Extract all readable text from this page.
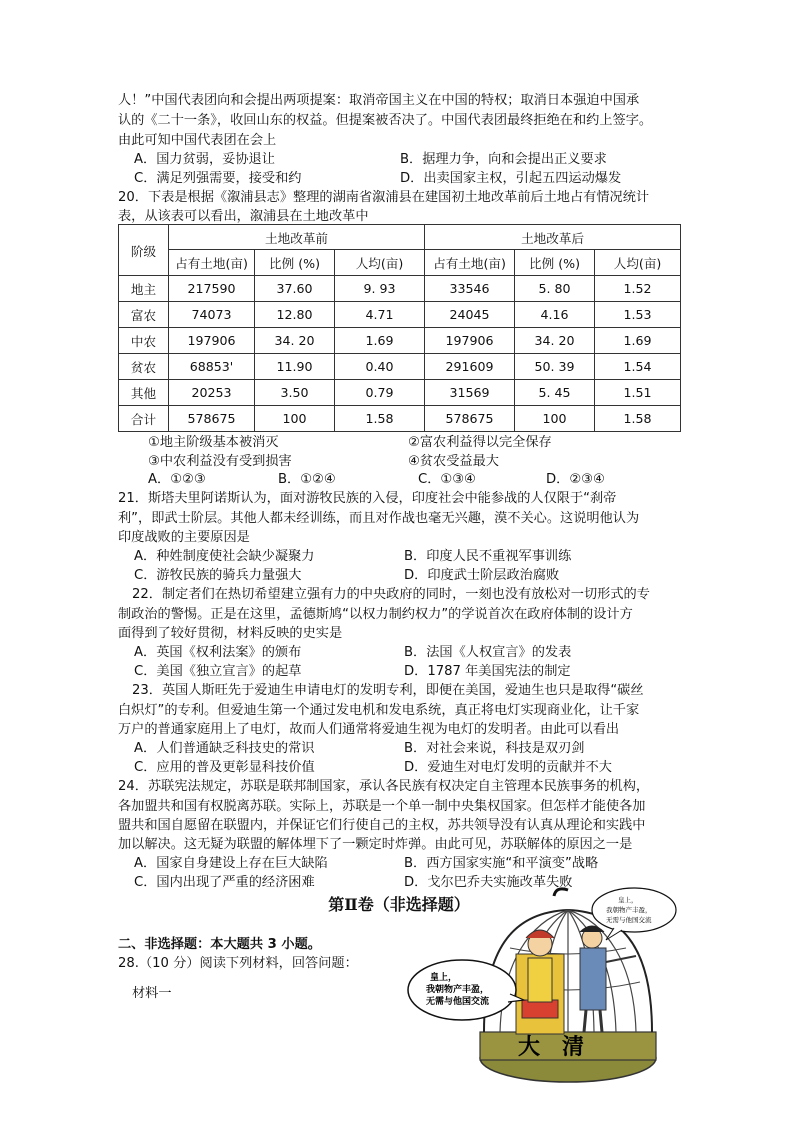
人！”中国代表团向和会提出两项提案：取消帝国主义在中国的特权；取消日本强迫中国承
认的《二十一条》，收回山东的权益。但提案被否决了。中国代表团最终拒绝在和约上签字。
由此可知中国代表团在会上
A．国力贫弱，妥协退让	B．据理力争，向和会提出正义要求
C．满足列强需要，接受和约	D．出卖国家主权，引起五四运动爆发
20．下表是根据《溆浦县志》整理的湖南省溆浦县在建国初土地改革前后土地占有情况统计
表，从该表可以看出，溆浦县在土地改革中
阶级	土地改革前			土地改革后		
	占有土地(亩)	比例 (%)	人均(亩)	占有土地(亩)	比例 (%)	人均(亩)
地主	217590	37.60	9. 93	33546	5. 80	1.52
富农	74073	12.80	4.71	24045	4.16	1.53
中农	197906	34. 20	1.69	197906	34. 20	1.69
贫农	68853'	11.90	0.40	291609	50. 39	1.54
其他	20253	3.50	0.79	31569	5. 45	1.51
合计	578675	100	1.58	578675	100	1.58
①地主阶级基本被消灭	②富农利益得以完全保存
③中农利益没有受到损害	④贫农受益最大
A．①②③	B．①②④	C．①③④	D．②③④
21．斯塔夫里阿诺斯认为，面对游牧民族的入侵，印度社会中能参战的人仅限于“刹帝
利”，即武士阶层。其他人都未经训练，而且对作战也毫无兴趣，漠不关心。这说明他认为
印度战败的主要原因是
A．种姓制度使社会缺少凝聚力	B．印度人民不重视军事训练
C．游牧民族的骑兵力量强大	D．印度武士阶层政治腐败
22．制定者们在热切希望建立强有力的中央政府的同时，一刻也没有放松对一切形式的专
制政治的警惕。正是在这里，孟德斯鸠“以权力制约权力”的学说首次在政府体制的设计方
面得到了较好贯彻，材料反映的史实是
A．英国《权利法案》的颁布	B．法国《人权宣言》的发表
C．美国《独立宣言》的起草	D．1787 年美国宪法的制定
23．英国人斯旺先于爱迪生申请电灯的发明专利，即便在美国，爱迪生也只是取得“碳丝
白炽灯”的专利。但爱迪生第一个通过发电机和发电系统，真正将电灯实现商业化，让千家
万户的普通家庭用上了电灯，故而人们通常将爱迪生视为电灯的发明者。由此可以看出
A．人们普通缺乏科技史的常识	B．对社会来说，科技是双刃剑
C．应用的普及更彰显科技价值	D．爱迪生对电灯发明的贡献并不大
24．苏联宪法规定，苏联是联邦制国家，承认各民族有权决定自主管理本民族事务的机构，
各加盟共和国有权脱离苏联。实际上，苏联是一个单一制中央集权国家。但怎样才能使各加
盟共和国自愿留在联盟内，并保证它们行使自己的主权，苏共领导没有认真从理论和实践中
加以解决。这无疑为联盟的解体埋下了一颗定时炸弹。由此可见，苏联解体的原因之一是
A．国家自身建设上存在巨大缺陷	B．西方国家实施“和平演变”战略
C．国内出现了严重的经济困难	D．戈尔巴乔夫实施改革失败
第Ⅱ卷（非选择题）
二、非选择题：本大题共 3 小题。
28.（10 分）阅读下列材料，回答问题：
材料一
皇上，
我朝物产丰盈，
无需与他国交流
皇上，
我朝物产丰盈，
无需与他国交流
大　清
